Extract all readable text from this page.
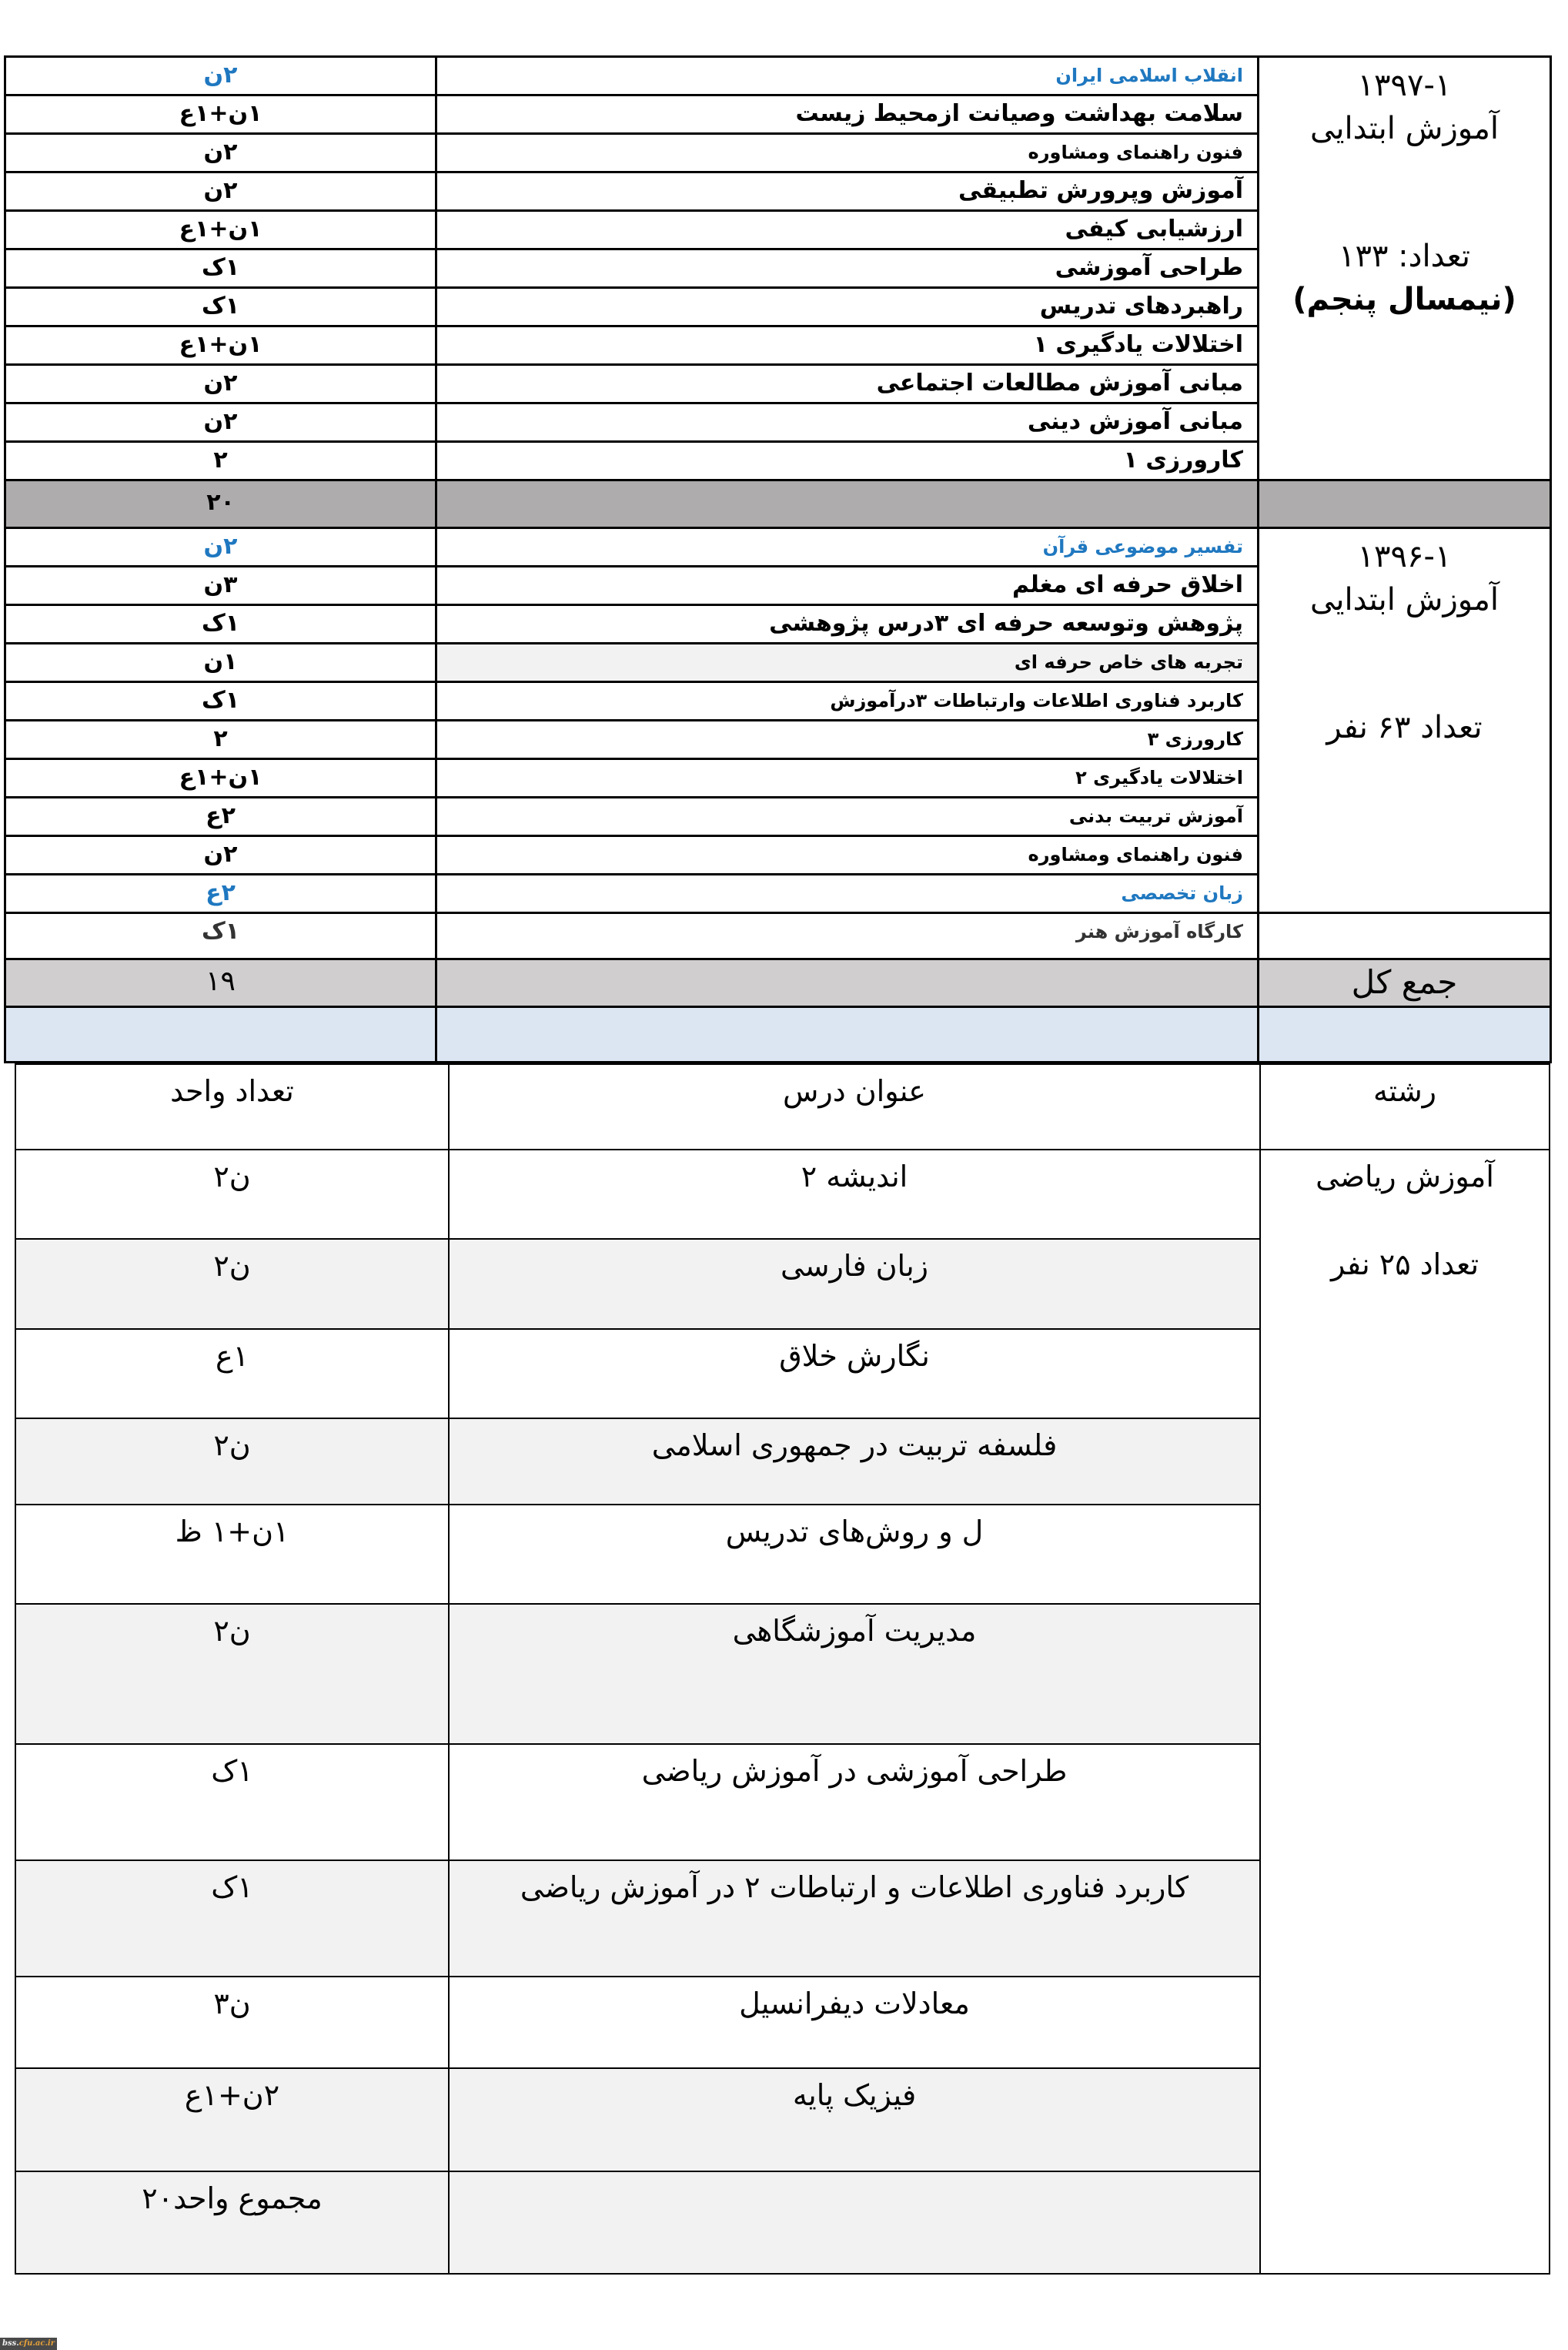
۲ن	انقلاب اسلامی ایران	۱۳۹۷-۱
آموزش ابتدایی
تعداد: ۱۳۳
(نیمسال پنجم)

۱ن+۱ع	سلامت بهداشت وصیانت ازمحیط زیست	
۲ن	فنون راهنمای ومشاوره	
۲ن	آموزش وپرورش تطبیقی	
۱ن+۱ع	ارزشیابی کیفی	
۱ک	طراحی آموزشی	
۱ک	راهبردهای تدریس	
۱ن+۱ع	اختلالات یادگیری ۱	
۲ن	مبانی آموزش مطالعات اجتماعی	
۲ن	مبانی آموزش دینی	
۲	کارورزی ۱	
۲۰		
۲ن	تفسیر موضوعی قرآن	۱۳۹۶-۱
آموزش ابتدایی
تعداد ۶۳ نفر

۳ن	اخلاق حرفه ای مغلم	
۱ک	پژوهش وتوسعه حرفه ای ۳درس پژوهشی	
۱ن	تجربه های خاص حرفه ای	
۱ک	کاربرد فناوری اطلاعات وارتباطات ۳درآموزش	
۲	کارورزی ۳	
۱ن+۱ع	اختلالات یادگیری ۲	
۲ع	آموزش تربیت بدنی	
۲ن	فنون راهنمای ومشاوره	
۲ع	زبان تخصصی	
۱ک	کارگاه آموزش هنر	
۱۹		جمع کل

تعداد واحد	عنوان درس	رشته
ن۲	اندیشه ۲	آموزش ریاضی
تعداد ۲۵ نفر

ن۲	زبان فارسی	
۱ع	نگارش خلاق	
ن۲	فلسفه تربیت در جمهوری اسلامی	
۱ن+۱ ظ	ل و روش‌های تدریس	
ن۲	مدیریت آموزشگاهی	
۱ک	طراحی آموزشی در آموزش ریاضی	
۱ک	کاربرد فناوری اطلاعات و ارتباطات ۲ در آموزش ریاضی	
ن۳	معادلات دیفرانسیل	
۲ن+۱ع	فیزیک پایه	
مجموع واحد۲۰		
bss.cfu.ac.ir
